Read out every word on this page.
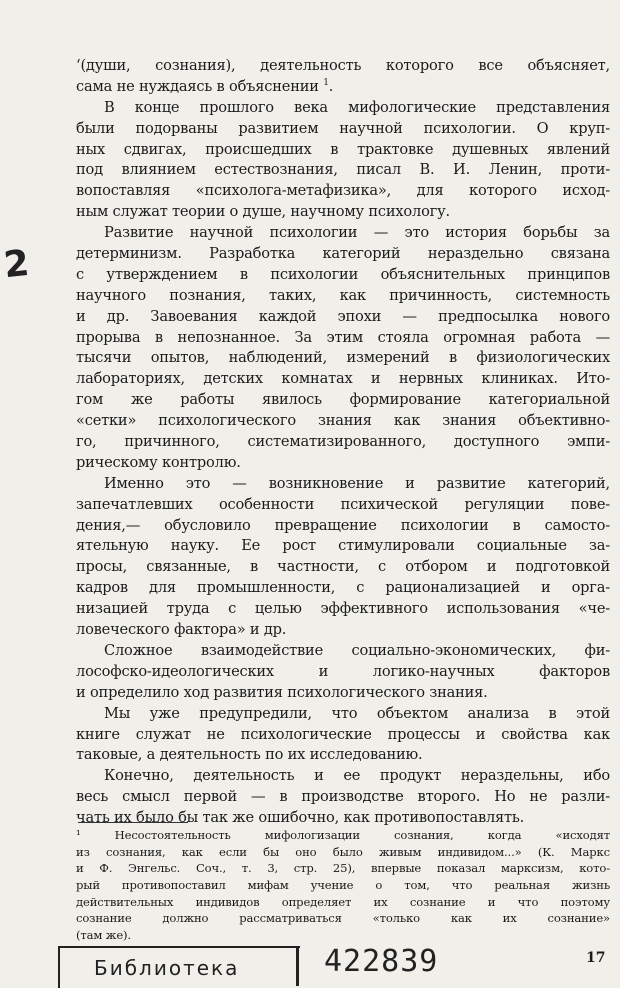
2
‘(души, сознания), деятельность которого все объясняет,
сама не нуждаясь в объяснении $^1$.
В конце прошлого века мифологические представления
были подорваны развитием научной психологии. О круп-
ных сдвигах, происшедших в трактовке душевных явлений
под влиянием естествознания, писал В. И. Ленин, проти-
вопоставляя «психолога-метафизика», для которого исход-
ным служат теории о душе, научному психологу.
Развитие научной психологии — это история борьбы за
детерминизм. Разработка категорий нераздельно связана
с утверждением в психологии объяснительных принципов
научного познания, таких, как причинность, системность
и др. Завоевания каждой эпохи — предпосылка нового
прорыва в непознанное. За этим стояла огромная работа —
тысячи опытов, наблюдений, измерений в физиологических
лабораториях, детских комнатах и нервных клиниках. Ито-
гом же работы явилось формирование категориальной
«сетки» психологического знания как знания объективно-
го, причинного, систематизированного, доступного эмпи-
рическому контролю.
Именно это — возникновение и развитие категорий,
запечатлевших особенности психической регуляции пове-
дения,— обусловило превращение психологии в самосто-
ятельную науку. Ее рост стимулировали социальные за-
просы, связанные, в частности, с отбором и подготовкой
кадров для промышленности, с рационализацией и орга-
низацией труда с целью эффективного использования «че-
ловеческого фактора» и др.
Сложное взаимодействие социально-экономических, фи-
лософско-идеологических и логико-научных факторов
и определило ход развития психологического знания.
Мы уже предупредили, что объектом анализа в этой
книге служат не психологические процессы и свойства как
таковые, а деятельность по их исследованию.
Конечно, деятельность и ее продукт нераздельны, ибо
весь смысл первой — в производстве второго. Но не разли-
чать их было бы так же ошибочно, как противопоставлять.
¹ Несостоятельность мифологизации сознания, когда «исходят
из сознания, как если бы оно было живым индивидом...» (К. Маркс
и Ф. Энгельс. Соч., т. 3, стр. 25), впервые показал марксизм, кото-
рый противопоставил мифам учение о том, что реальная жизнь
действительных индивидов определяет их сознание и что поэтому
сознание должно рассматриваться «только как их сознание»
(там же).
Библиотека	422839	17
